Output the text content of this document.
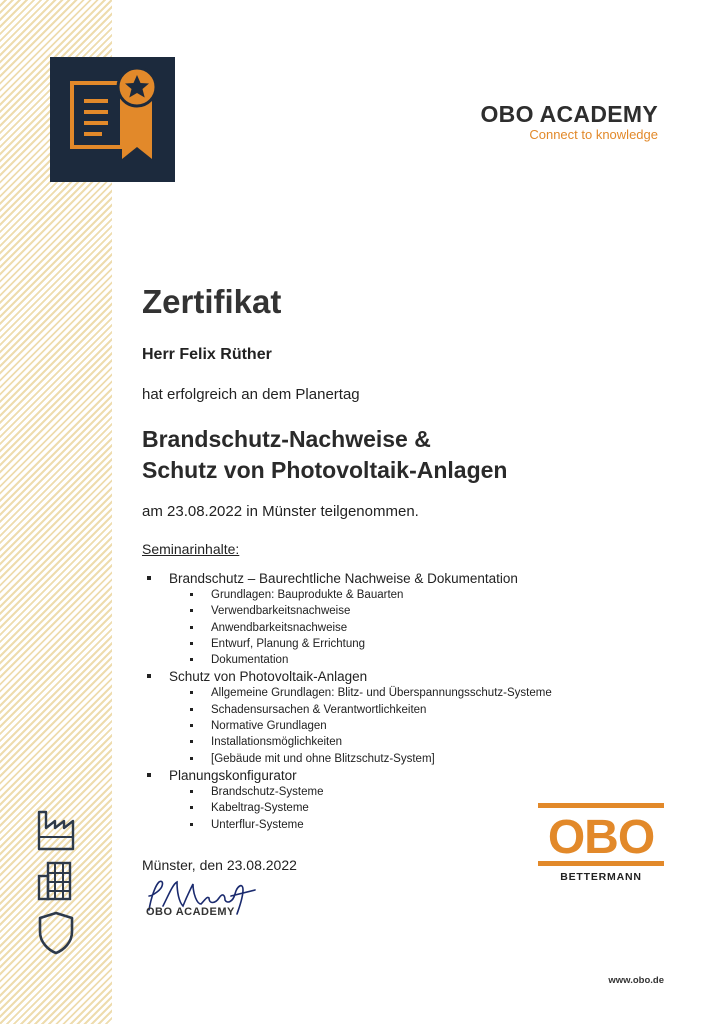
OBO ACADEMY
Connect to knowledge
Zertifikat
Herr Felix Rüther
hat erfolgreich an dem Planertag
Brandschutz-Nachweise &
Schutz von Photovoltaik-Anlagen
am 23.08.2022 in Münster teilgenommen.
Seminarinhalte:
Brandschutz – Baurechtliche Nachweise & Dokumentation
Grundlagen: Bauprodukte & Bauarten
Verwendbarkeitsnachweise
Anwendbarkeitsnachweise
Entwurf, Planung & Errichtung
Dokumentation
Schutz von Photovoltaik-Anlagen
Allgemeine Grundlagen: Blitz- und Überspannungsschutz-Systeme
Schadensursachen & Verantwortlichkeiten
Normative Grundlagen
Installationsmöglichkeiten
[Gebäude mit und ohne Blitzschutz-System]
Planungskonfigurator
Brandschutz-Systeme
Kabeltrag-Systeme
Unterflur-Systeme
Münster, den 23.08.2022
OBO ACADEMY
OBO
BETTERMANN
www.obo.de
